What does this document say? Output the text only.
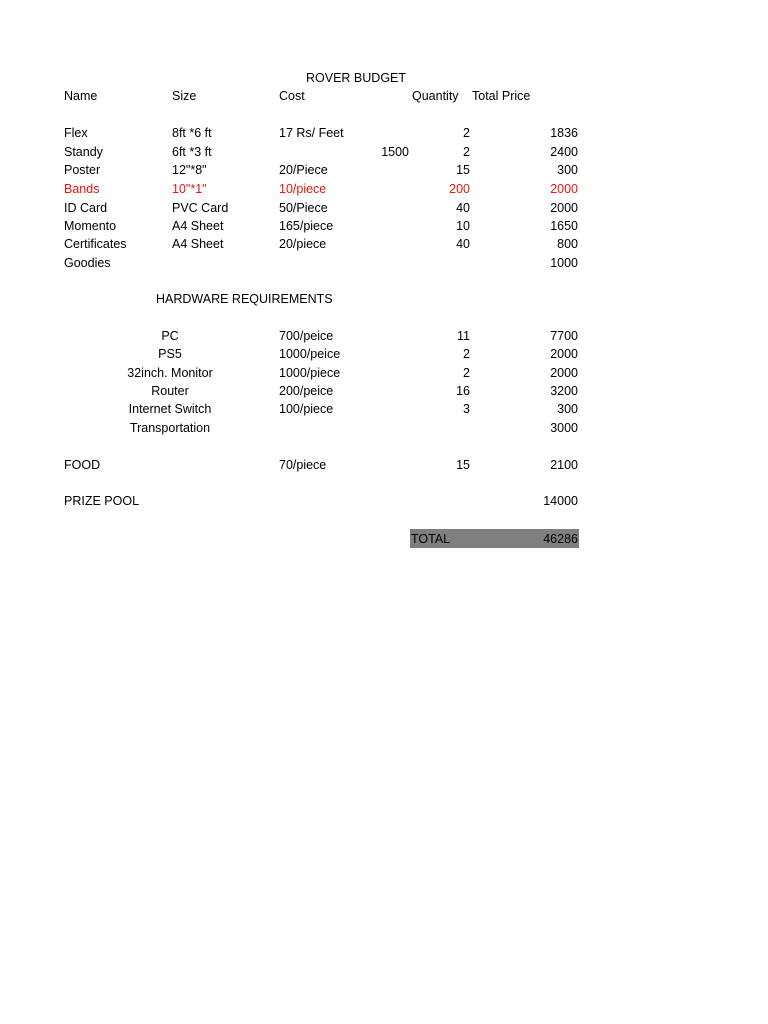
ROVER BUDGET
Name	Size	Cost	Quantity Total Price
Flex	8ft *6 ft	17 Rs/ Feet	2	1836
Standy	6ft *3 ft	1500	2	2400
Poster	12"*8"	20/Piece	15	300
Bands	10"*1"	10/piece	200	2000
ID Card	PVC Card	50/Piece	40	2000
Momento	A4 Sheet	165/piece	10	1650
Certificates	A4 Sheet	20/piece	40	800
Goodies	1000
HARDWARE REQUIREMENTS
PC	700/peice	11	7700
PS5	1000/peice	2	2000
32inch. Monitor	1000/piece	2	2000
Router	200/peice	16	3200
Internet Switch	100/piece	3	300
Transportation	3000
FOOD	70/piece	15	2100
PRIZE POOL	14000
TOTAL	46286
